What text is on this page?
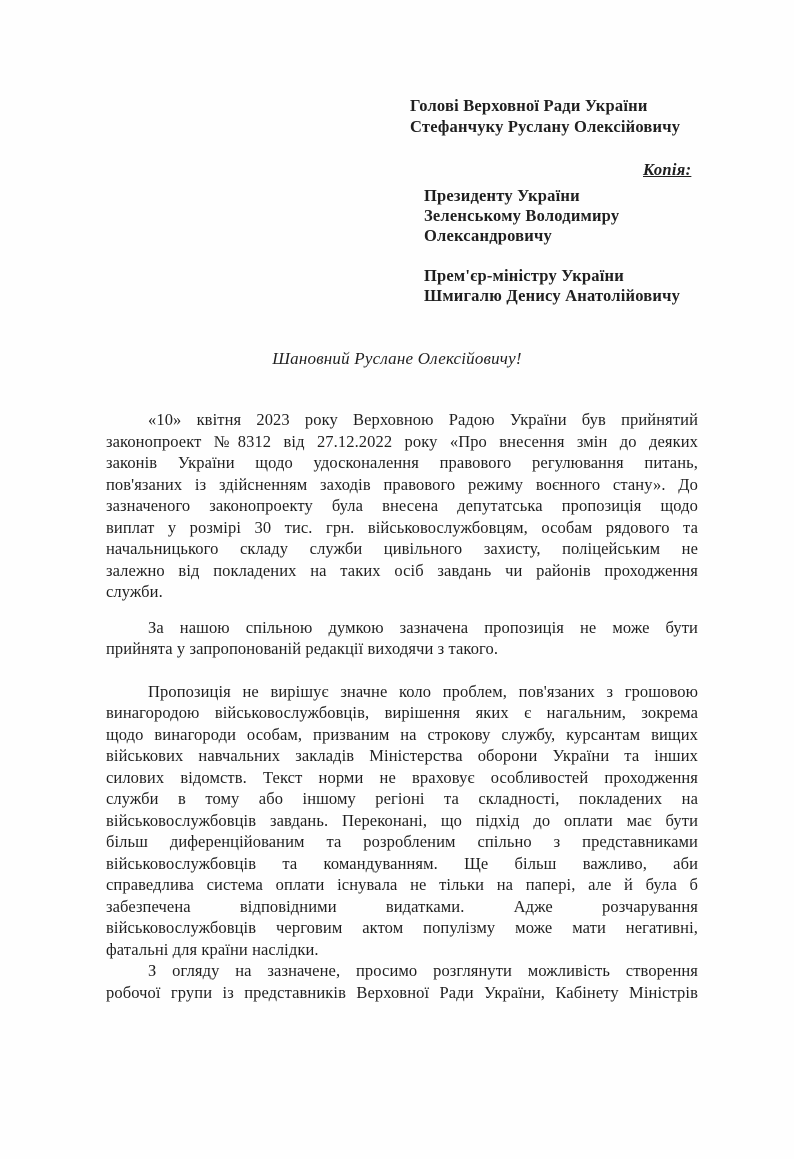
Голові Верховної Ради України
Стефанчуку Руслану Олексійовичу
Копія:
Президенту України
Зеленському Володимиру
Олександровичу
Прем'єр-міністру України
Шмигалю Денису Анатолійовичу
Шановний Руслане Олексійовичу!
«10» квітня 2023 року Верховною Радою України був прийнятий
законопроект №8312 від 27.12.2022 року «Про внесення змін до деяких
законів України щодо удосконалення правового регулювання питань,
пов'язаних із здійсненням заходів правового режиму воєнного стану». До
зазначеного законопроекту була внесена депутатська пропозиція щодо
виплат у розмірі 30 тис. грн. військовослужбовцям, особам рядового та
начальницького складу служби цивільного захисту, поліцейським не
залежно від покладених на таких осіб завдань чи районів проходження
служби.
За нашою спільною думкою зазначена пропозиція не може бути
прийнята у запропонованій редакції виходячи з такого.
Пропозиція не вирішує значне коло проблем, пов'язаних з грошовою
винагородою військовослужбовців, вирішення яких є нагальним, зокрема
щодо винагороди особам, призваним на строкову службу, курсантам вищих
військових навчальних закладів Міністерства оборони України та інших
силових відомств. Текст норми не враховує особливостей проходження
служби в тому або іншому регіоні та складності, покладених на
військовослужбовців завдань. Переконані, що підхід до оплати має бути
більш диференційованим та розробленим спільно з представниками
військовослужбовців та командуванням. Ще більш важливо, аби
справедлива система оплати існувала не тільки на папері, але й була б
забезпечена відповідними видатками. Адже розчарування
військовослужбовців черговим актом популізму може мати негативні,
фатальні для країни наслідки.
З огляду на зазначене, просимо розглянути можливість створення
робочої групи із представників Верховної Ради України, Кабінету Міністрів
